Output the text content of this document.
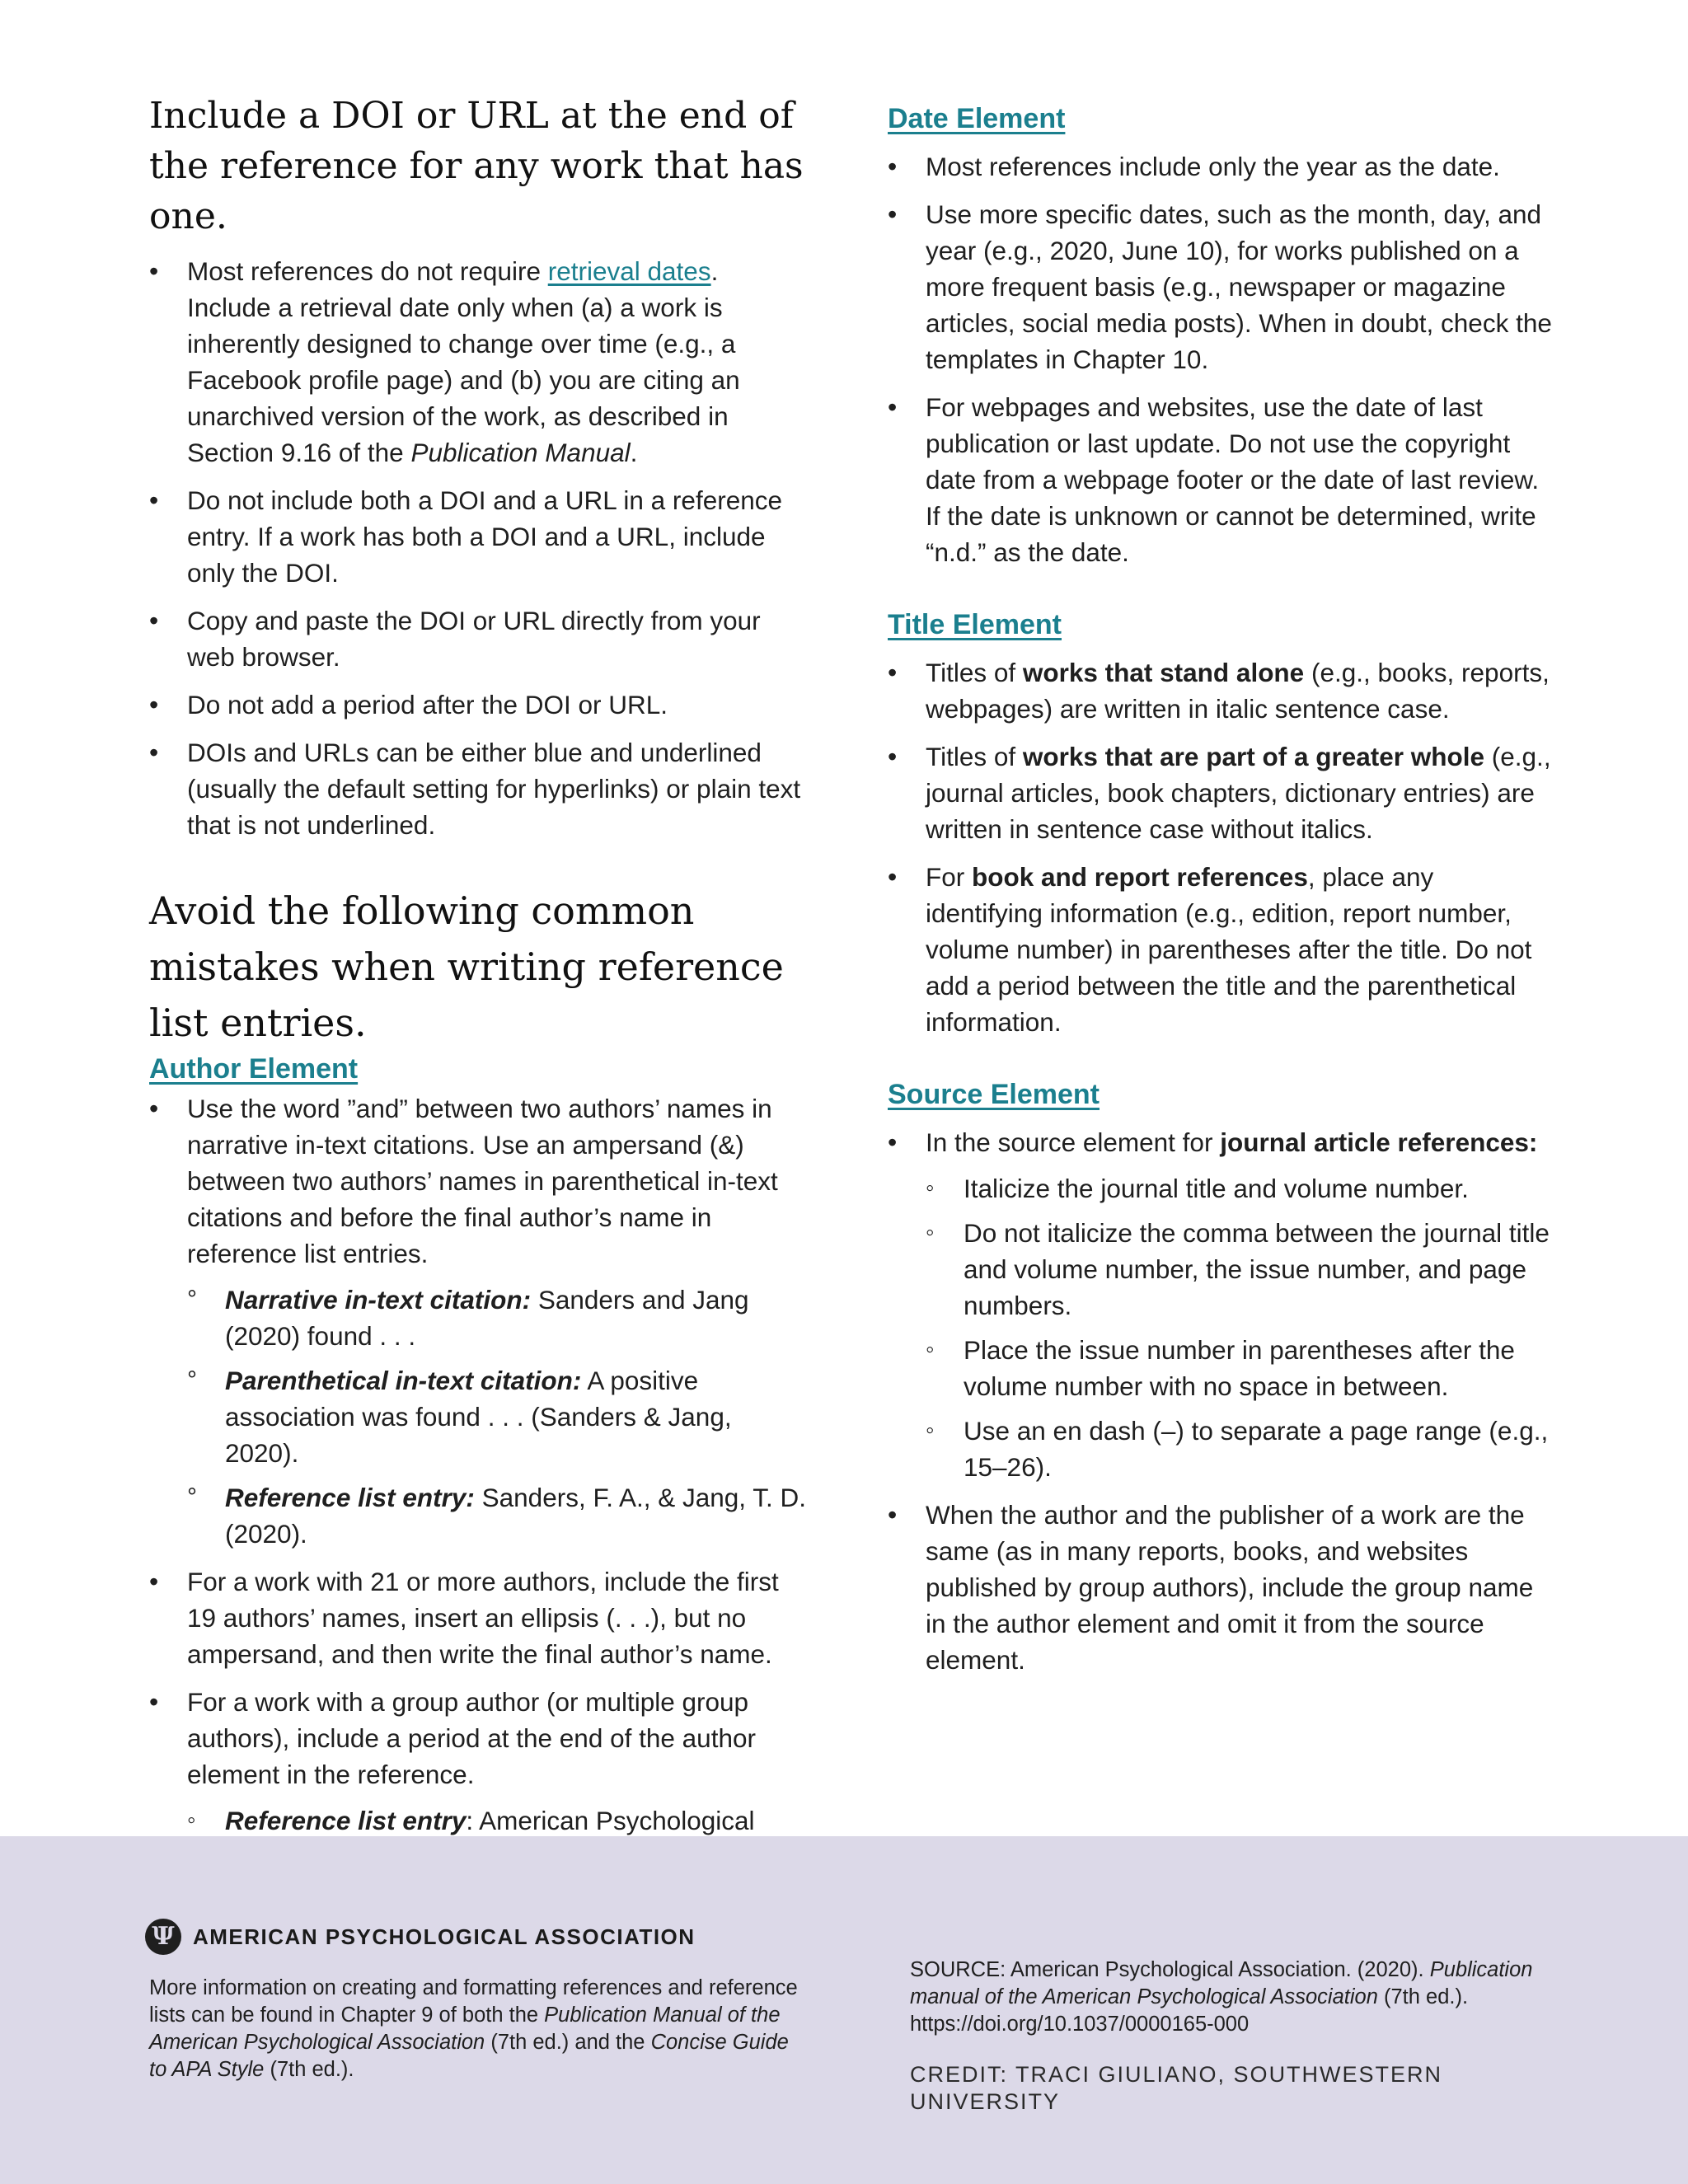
Include a DOI or URL at the end of the reference for any work that has one.
• Most references do not require retrieval dates. Include a retrieval date only when (a) a work is inherently designed to change over time (e.g., a Facebook profile page) and (b) you are citing an unarchived version of the work, as described in Section 9.16 of the Publication Manual.
• Do not include both a DOI and a URL in a reference entry. If a work has both a DOI and a URL, include only the DOI.
• Copy and paste the DOI or URL directly from your web browser.
• Do not add a period after the DOI or URL.
• DOIs and URLs can be either blue and underlined (usually the default setting for hyperlinks) or plain text that is not underlined.
Avoid the following common mistakes when writing reference list entries.
Author Element
• Use the word ”and” between two authors’ names in narrative in-text citations. Use an ampersand (&) between two authors’ names in parenthetical in-text citations and before the final author’s name in reference list entries.
° Narrative in-text citation: Sanders and Jang (2020) found . . .
° Parenthetical in-text citation: A positive association was found . . . (Sanders & Jang, 2020).
° Reference list entry: Sanders, F. A., & Jang, T. D. (2020).
• For a work with 21 or more authors, include the first 19 authors’ names, insert an ellipsis (. . .), but no ampersand, and then write the final author’s name.
• For a work with a group author (or multiple group authors), include a period at the end of the author element in the reference.
◦ Reference list entry: American Psychological
Date Element
• Most references include only the year as the date.
• Use more specific dates, such as the month, day, and year (e.g., 2020, June 10), for works published on a more frequent basis (e.g., newspaper or magazine articles, social media posts). When in doubt, check the templates in Chapter 10.
• For webpages and websites, use the date of last publication or last update. Do not use the copyright date from a webpage footer or the date of last review. If the date is unknown or cannot be determined, write “n.d.” as the date.
Title Element
• Titles of works that stand alone (e.g., books, reports, webpages) are written in italic sentence case.
• Titles of works that are part of a greater whole (e.g., journal articles, book chapters, dictionary entries) are written in sentence case without italics.
• For book and report references, place any identifying information (e.g., edition, report number, volume number) in parentheses after the title. Do not add a period between the title and the parenthetical information.
Source Element
• In the source element for journal article references:
◦ Italicize the journal title and volume number.
◦ Do not italicize the comma between the journal title and volume number, the issue number, and page numbers.
◦ Place the issue number in parentheses after the volume number with no space in between.
◦ Use an en dash (–) to separate a page range (e.g., 15–26).
• When the author and the publisher of a work are the same (as in many reports, books, and websites published by group authors), include the group name in the author element and omit it from the source element.
Ψ AMERICAN PSYCHOLOGICAL ASSOCIATION
More information on creating and formatting references and reference lists can be found in Chapter 9 of both the Publication Manual of the American Psychological Association (7th ed.) and the Concise Guide to APA Style (7th ed.).
SOURCE: American Psychological Association. (2020). Publication manual of the American Psychological Association (7th ed.). https://doi.org/10.1037/0000165-000
CREDIT: TRACI GIULIANO, SOUTHWESTERN UNIVERSITY
